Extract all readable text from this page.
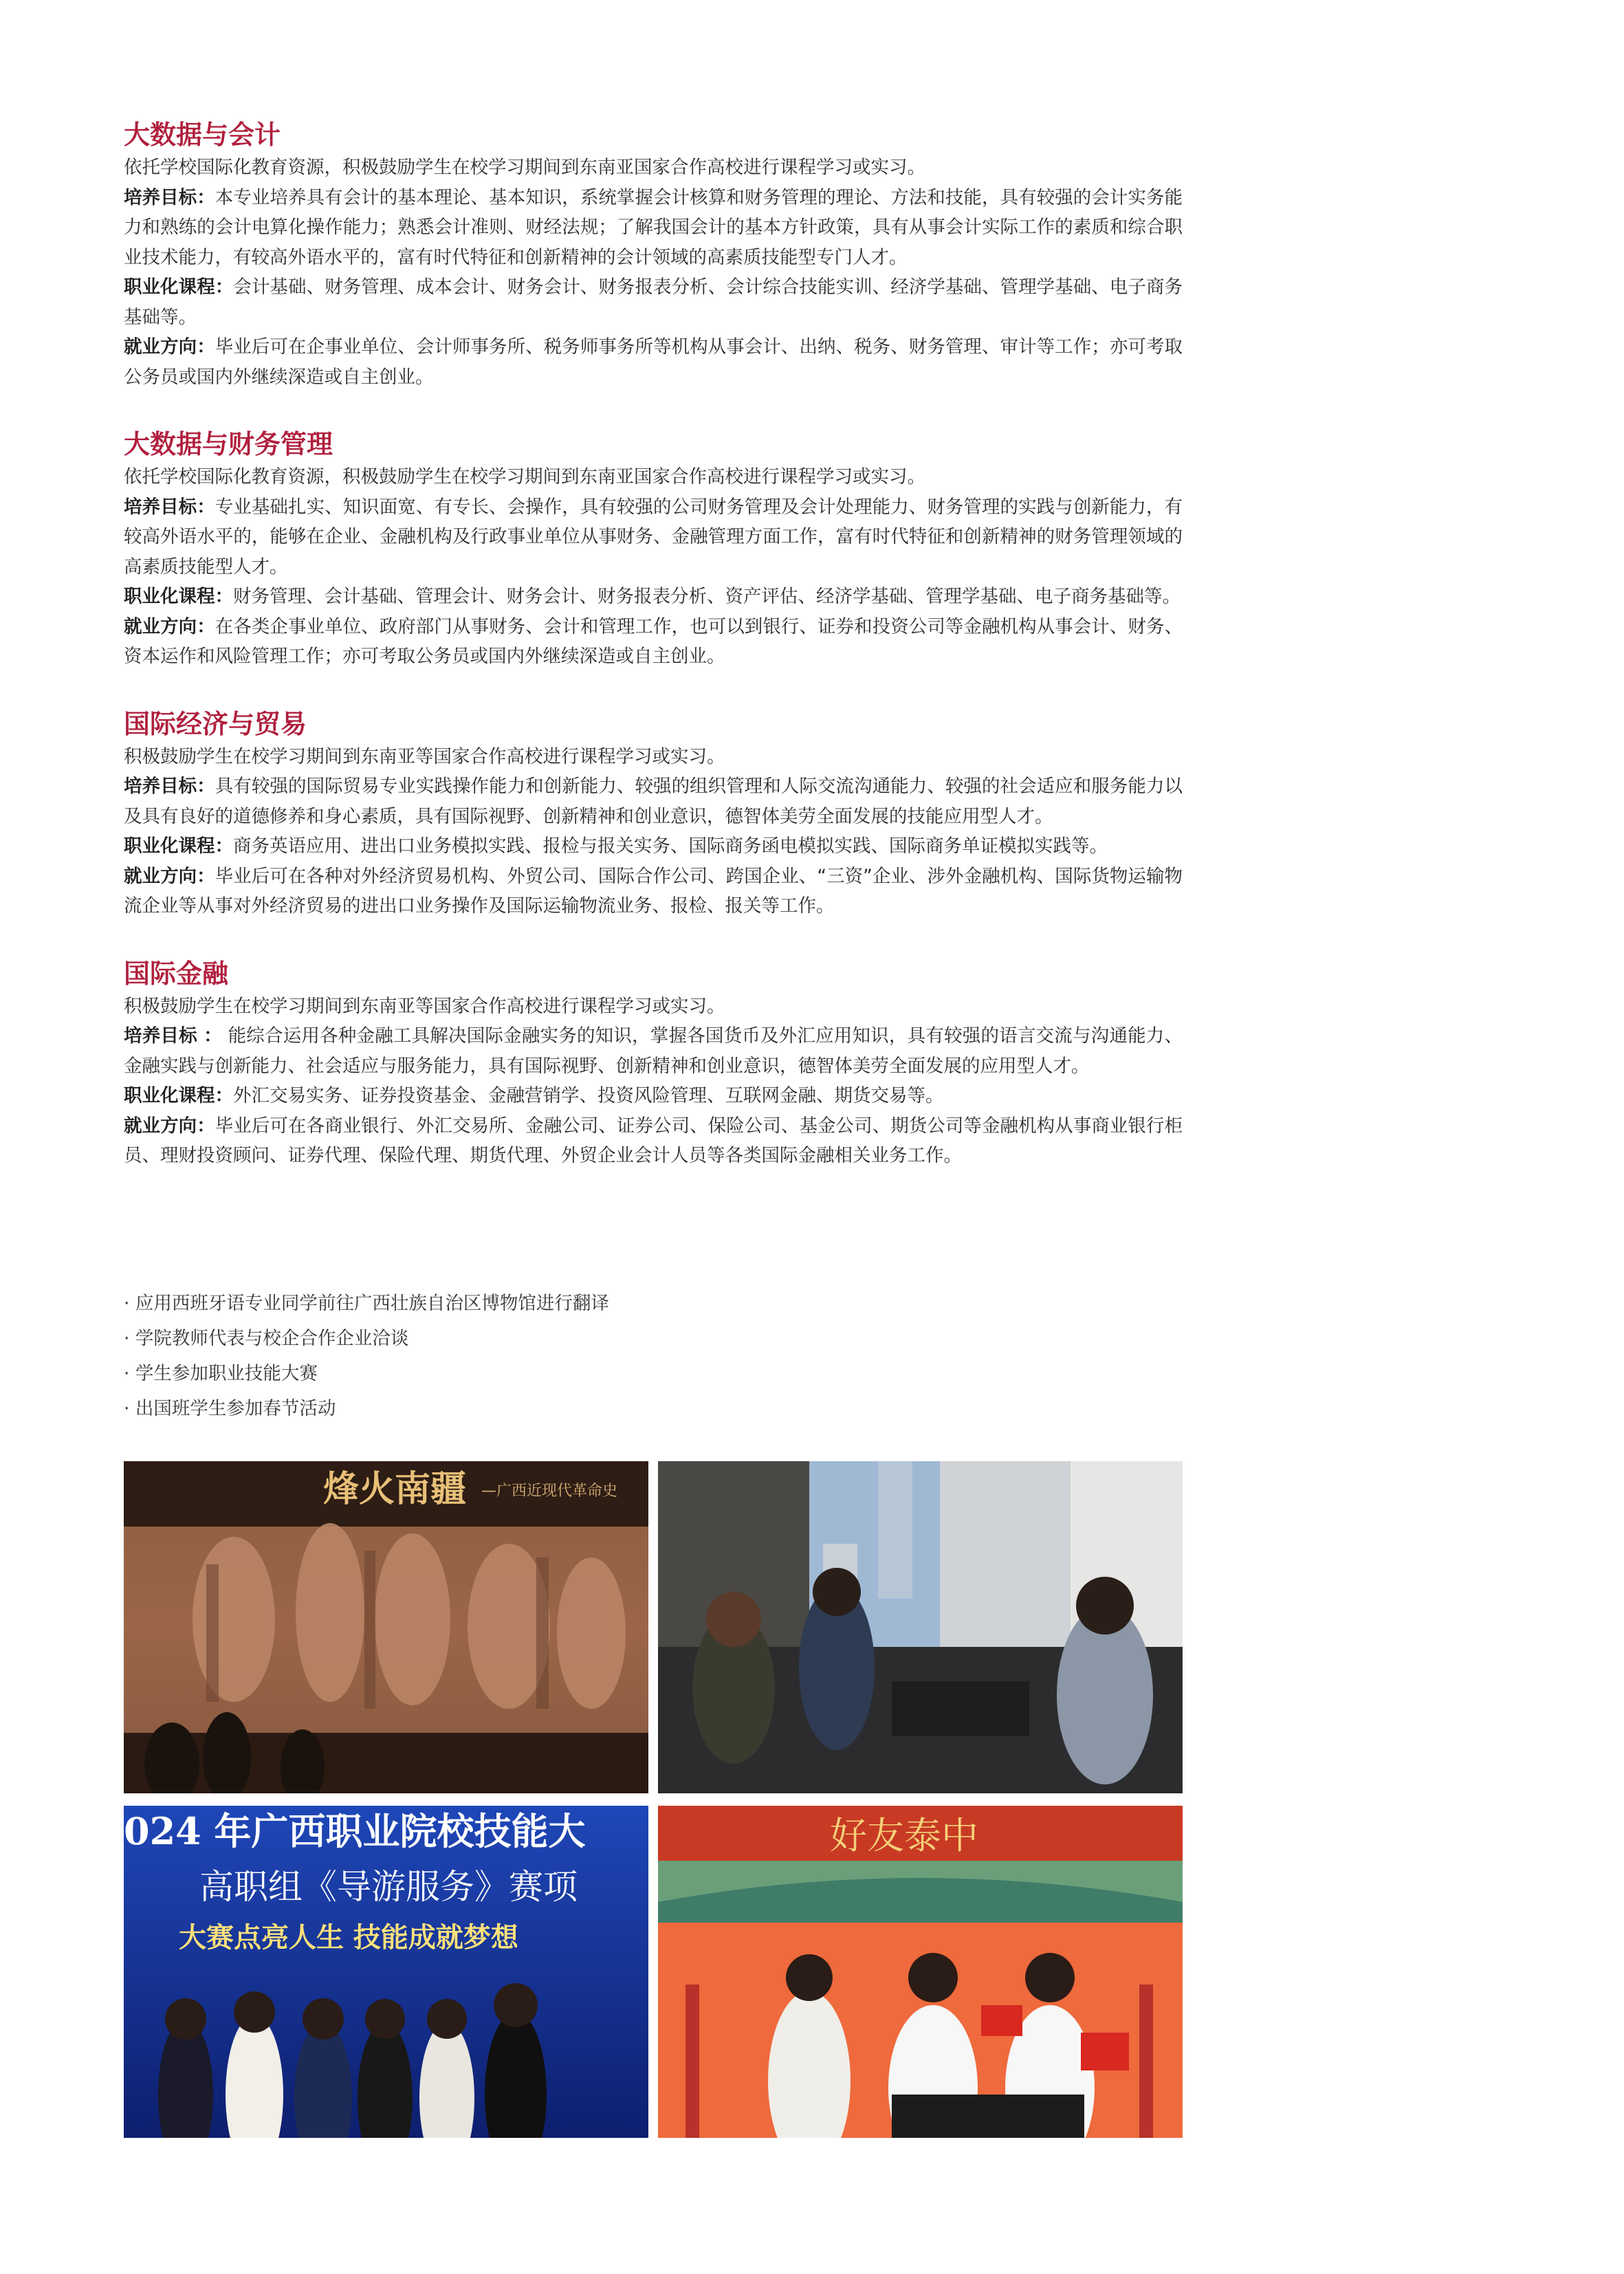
大数据与会计

依托学校国际化教育资源，积极鼓励学生在校学习期间到东南亚国家合作高校进行课程学习或实习。

培养目标：本专业培养具有会计的基本理论、基本知识，系统掌握会计核算和财务管理的理论、方法和技能，具有较强的会计实务能力和熟练的会计电算化操作能力；熟悉会计准则、财经法规；了解我国会计的基本方针政策，具有从事会计实际工作的素质和综合职业技术能力，有较高外语水平的，富有时代特征和创新精神的会计领域的高素质技能型专门人才。

职业化课程：会计基础、财务管理、成本会计、财务会计、财务报表分析、会计综合技能实训、经济学基础、管理学基础、电子商务基础等。

就业方向：毕业后可在企事业单位、会计师事务所、税务师事务所等机构从事会计、出纳、税务、财务管理、审计等工作；亦可考取公务员或国内外继续深造或自主创业。

大数据与财务管理

依托学校国际化教育资源，积极鼓励学生在校学习期间到东南亚国家合作高校进行课程学习或实习。

培养目标：专业基础扎实、知识面宽、有专长、会操作，具有较强的公司财务管理及会计处理能力、财务管理的实践与创新能力，有较高外语水平的，能够在企业、金融机构及行政事业单位从事财务、金融管理方面工作，富有时代特征和创新精神的财务管理领域的高素质技能型人才。

职业化课程：财务管理、会计基础、管理会计、财务会计、财务报表分析、资产评估、经济学基础、管理学基础、电子商务基础等。

就业方向：在各类企事业单位、政府部门从事财务、会计和管理工作，也可以到银行、证券和投资公司等金融机构从事会计、财务、资本运作和风险管理工作；亦可考取公务员或国内外继续深造或自主创业。

国际经济与贸易

积极鼓励学生在校学习期间到东南亚等国家合作高校进行课程学习或实习。

培养目标：具有较强的国际贸易专业实践操作能力和创新能力、较强的组织管理和人际交流沟通能力、较强的社会适应和服务能力以及具有良好的道德修养和身心素质，具有国际视野、创新精神和创业意识，德智体美劳全面发展的技能应用型人才。

职业化课程：商务英语应用、进出口业务模拟实践、报检与报关实务、国际商务函电模拟实践、国际商务单证模拟实践等。

就业方向：毕业后可在各种对外经济贸易机构、外贸公司、国际合作公司、跨国企业、“三资”企业、涉外金融机构、国际货物运输物流企业等从事对外经济贸易的进出口业务操作及国际运输物流业务、报检、报关等工作。

国际金融

积极鼓励学生在校学习期间到东南亚等国家合作高校进行课程学习或实习。

培养目标 ： 能综合运用各种金融工具解决国际金融实务的知识，掌握各国货币及外汇应用知识，具有较强的语言交流与沟通能力、金融实践与创新能力、社会适应与服务能力，具有国际视野、创新精神和创业意识，德智体美劳全面发展的应用型人才。

职业化课程：外汇交易实务、证券投资基金、金融营销学、投资风险管理、互联网金融、期货交易等。

就业方向：毕业后可在各商业银行、外汇交易所、金融公司、证券公司、保险公司、基金公司、期货公司等金融机构从事商业银行柜员、理财投资顾问、证券代理、保险代理、期货代理、外贸企业会计人员等各类国际金融相关业务工作。

· 应用西班牙语专业同学前往广西壮族自治区博物馆进行翻译
· 学院教师代表与校企合作企业洽谈
· 学生参加职业技能大赛
· 出国班学生参加春节活动
烽火南疆 —广西近现代革命史
024 年广西职业院校技能大
高职组《导游服务》赛项
大赛点亮人生 技能成就梦想
好友泰中
